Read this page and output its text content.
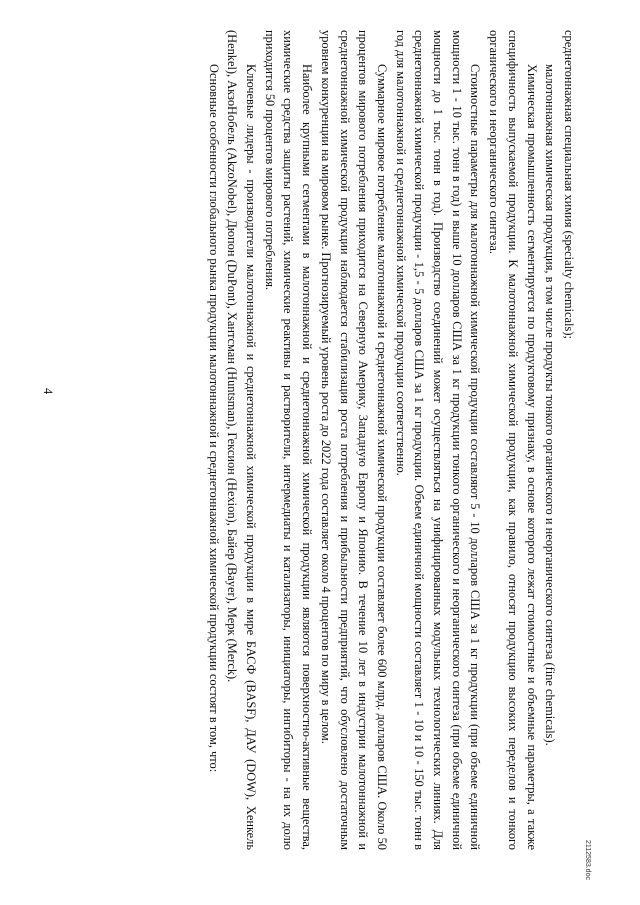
среднетоннажная специальная химия (specialty chemicals);

малотоннажная химическая продукция, в том числе продукты тонкого органического и неорганического синтеза (fine chemicals).

Химическая промышленность сегментируется по продуктовому признаку, в основе которого лежат стоимостные и объемные параметры, а также специфичность выпускаемой продукции. К малотоннажной химической продукции, как правило, относят продукцию высоких переделов и тонкого органического и неорганического синтеза.

Стоимостные параметры для малотоннажной химической продукции составляют 5 - 10 долларов США за 1 кг продукции (при объеме единичной мощности 1 - 10 тыс. тонн в год) и выше 10 долларов США за 1 кг продукции тонкого органического и неорганического синтеза (при объеме единичной мощности до 1 тыс. тонн в год). Производство соединений может осуществляться на унифицированных модульных технологических линиях. Для среднетоннажной химической продукции - 1,5 - 5 долларов США за 1 кг продукции. Объем единичной мощности составляет 1 - 10 и 10 - 150 тыс. тонн в год для малотоннажной и среднетоннажной химической продукции соответственно.

Суммарное мировое потребление малотоннажной и среднетоннажной химической продукции составляет более 600 млрд. долларов США. Около 50 процентов мирового потребления приходится на Северную Америку, Западную Европу и Японию. В течение 10 лет в индустрии малотоннажной и среднетоннажной химической продукции наблюдается стабилизация роста потребления и прибыльности предприятий, что обусловлено достаточным уровнем конкуренции на мировом рынке. Прогнозируемый уровень роста до 2022 года составляет около 4 процентов по миру в целом.

Наиболее крупными сегментами в малотоннажной и среднетоннажной химической продукции являются поверхностно-активные вещества, химические средства защиты растений, химические реактивы и растворители, интермедиаты и катализаторы, инициаторы, ингибиторы - на их долю приходится 50 процентов мирового потребления.

Ключевые лидеры - производители малотоннажной и среднетоннажной химической продукции в мире БАСФ (BASF), ДАУ (DOW), Хенкель (Henkel), АкзоНобель (AkzoNobel), Дюпон (DuPont), Хантсман (Huntsman), Гексион (Hexion), Байер (Bayer), Мерк (Merck).

Основные особенности глобального рынка продукции малотоннажной и среднетоннажной химической продукции состоят в том, что:

4
2112583.doc
